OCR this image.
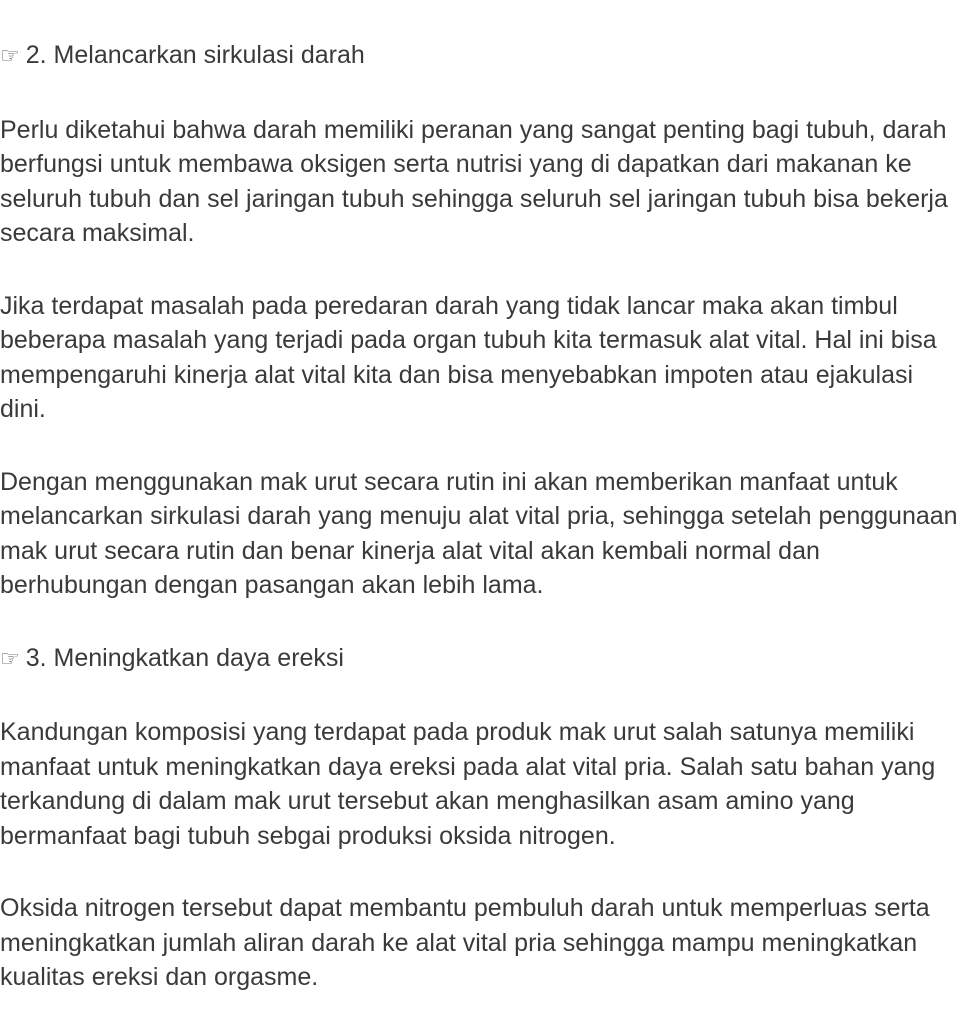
☞ 2. Melancarkan sirkulasi darah

Perlu diketahui bahwa darah memiliki peranan yang sangat penting bagi tubuh, darah berfungsi untuk membawa oksigen serta nutrisi yang di dapatkan dari makanan ke seluruh tubuh dan sel jaringan tubuh sehingga seluruh sel jaringan tubuh bisa bekerja secara maksimal.

Jika terdapat masalah pada peredaran darah yang tidak lancar maka akan timbul beberapa masalah yang terjadi pada organ tubuh kita termasuk alat vital. Hal ini bisa mempengaruhi kinerja alat vital kita dan bisa menyebabkan impoten atau ejakulasi dini.

Dengan menggunakan mak urut secara rutin ini akan memberikan manfaat untuk melancarkan sirkulasi darah yang menuju alat vital pria, sehingga setelah penggunaan mak urut secara rutin dan benar kinerja alat vital akan kembali normal dan berhubungan dengan pasangan akan lebih lama.

☞ 3. Meningkatkan daya ereksi

Kandungan komposisi yang terdapat pada produk mak urut salah satunya memiliki manfaat untuk meningkatkan daya ereksi pada alat vital pria. Salah satu bahan yang terkandung di dalam mak urut tersebut akan menghasilkan asam amino yang bermanfaat bagi tubuh sebgai produksi oksida nitrogen.

Oksida nitrogen tersebut dapat membantu pembuluh darah untuk memperluas serta meningkatkan jumlah aliran darah ke alat vital pria sehingga mampu meningkatkan kualitas ereksi dan orgasme.
